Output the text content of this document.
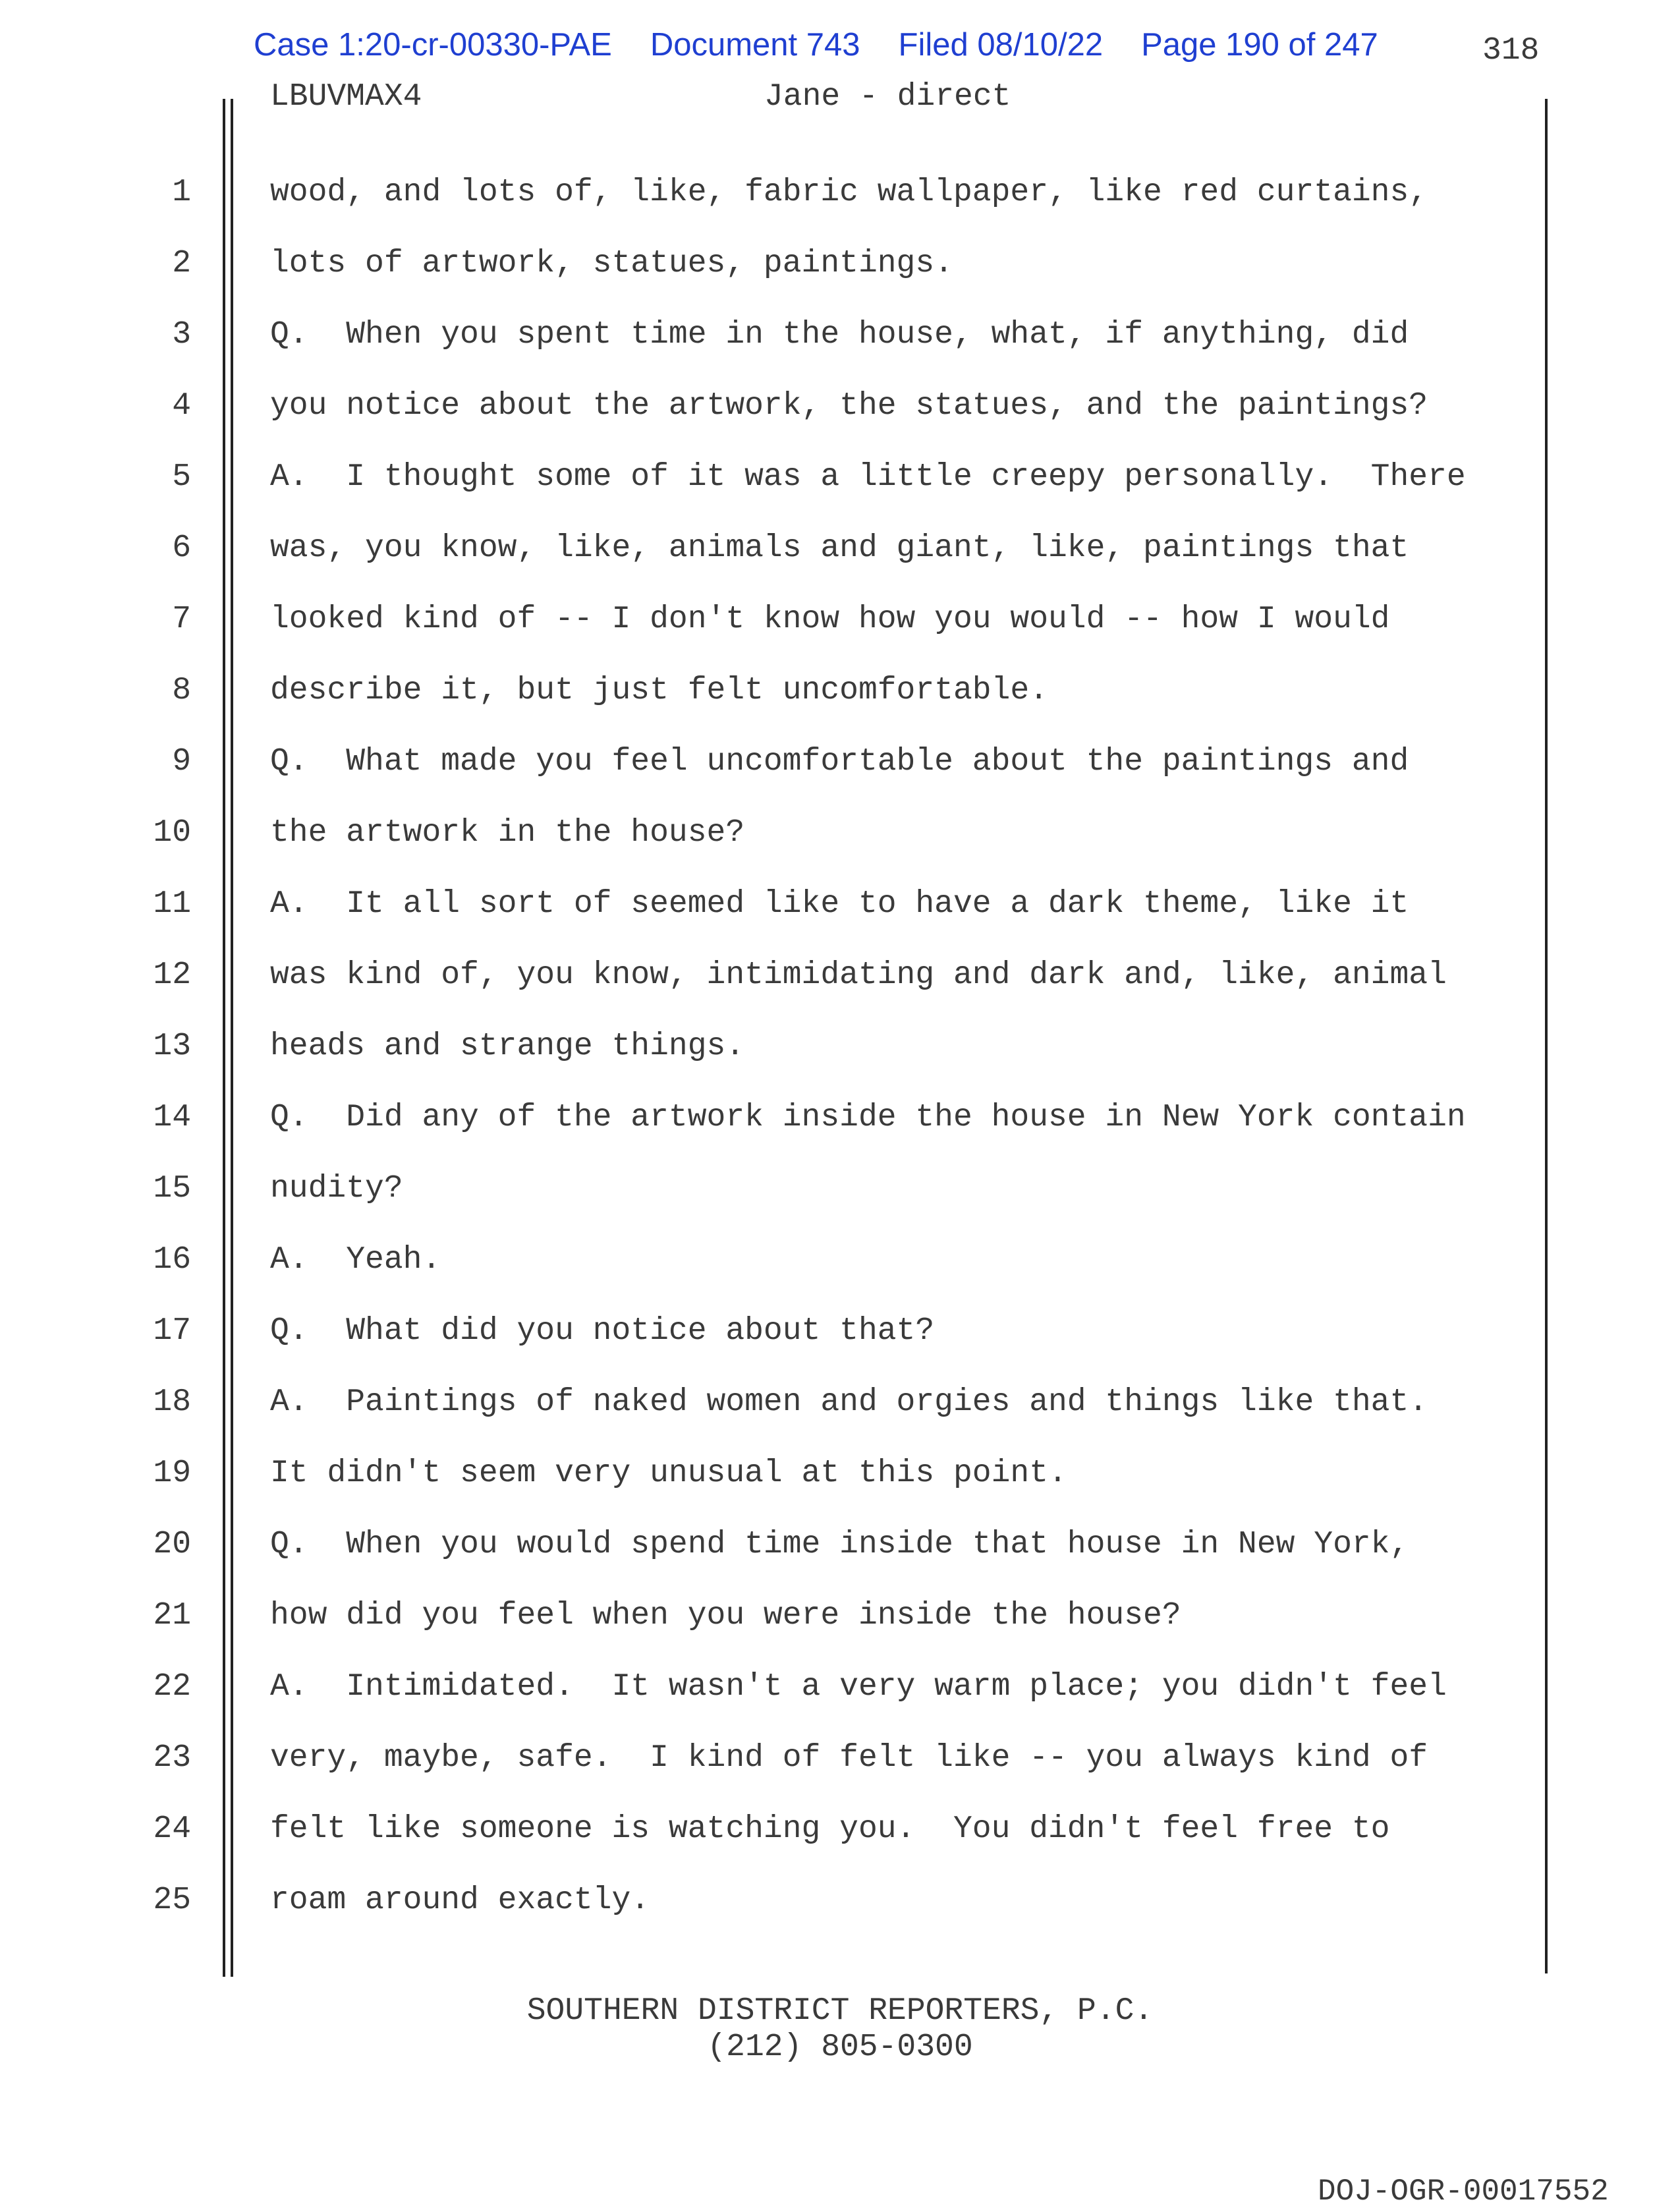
Case 1:20-cr-00330-PAE Document 743 Filed 08/10/22 Page 190 of 247	318
LBUVMAX4	Jane - direct
1	wood, and lots of, like, fabric wallpaper, like red curtains,
2	lots of artwork, statues, paintings.
3	Q.  When you spent time in the house, what, if anything, did
4	you notice about the artwork, the statues, and the paintings?
5	A.  I thought some of it was a little creepy personally.  There
6	was, you know, like, animals and giant, like, paintings that
7	looked kind of -- I don't know how you would -- how I would
8	describe it, but just felt uncomfortable.
9	Q.  What made you feel uncomfortable about the paintings and
10	the artwork in the house?
11	A.  It all sort of seemed like to have a dark theme, like it
12	was kind of, you know, intimidating and dark and, like, animal
13	heads and strange things.
14	Q.  Did any of the artwork inside the house in New York contain
15	nudity?
16	A.  Yeah.
17	Q.  What did you notice about that?
18	A.  Paintings of naked women and orgies and things like that.
19	It didn't seem very unusual at this point.
20	Q.  When you would spend time inside that house in New York,
21	how did you feel when you were inside the house?
22	A.  Intimidated.  It wasn't a very warm place; you didn't feel
23	very, maybe, safe.  I kind of felt like -- you always kind of
24	felt like someone is watching you.  You didn't feel free to
25	roam around exactly.
SOUTHERN DISTRICT REPORTERS, P.C.
(212) 805-0300
DOJ-OGR-00017552
